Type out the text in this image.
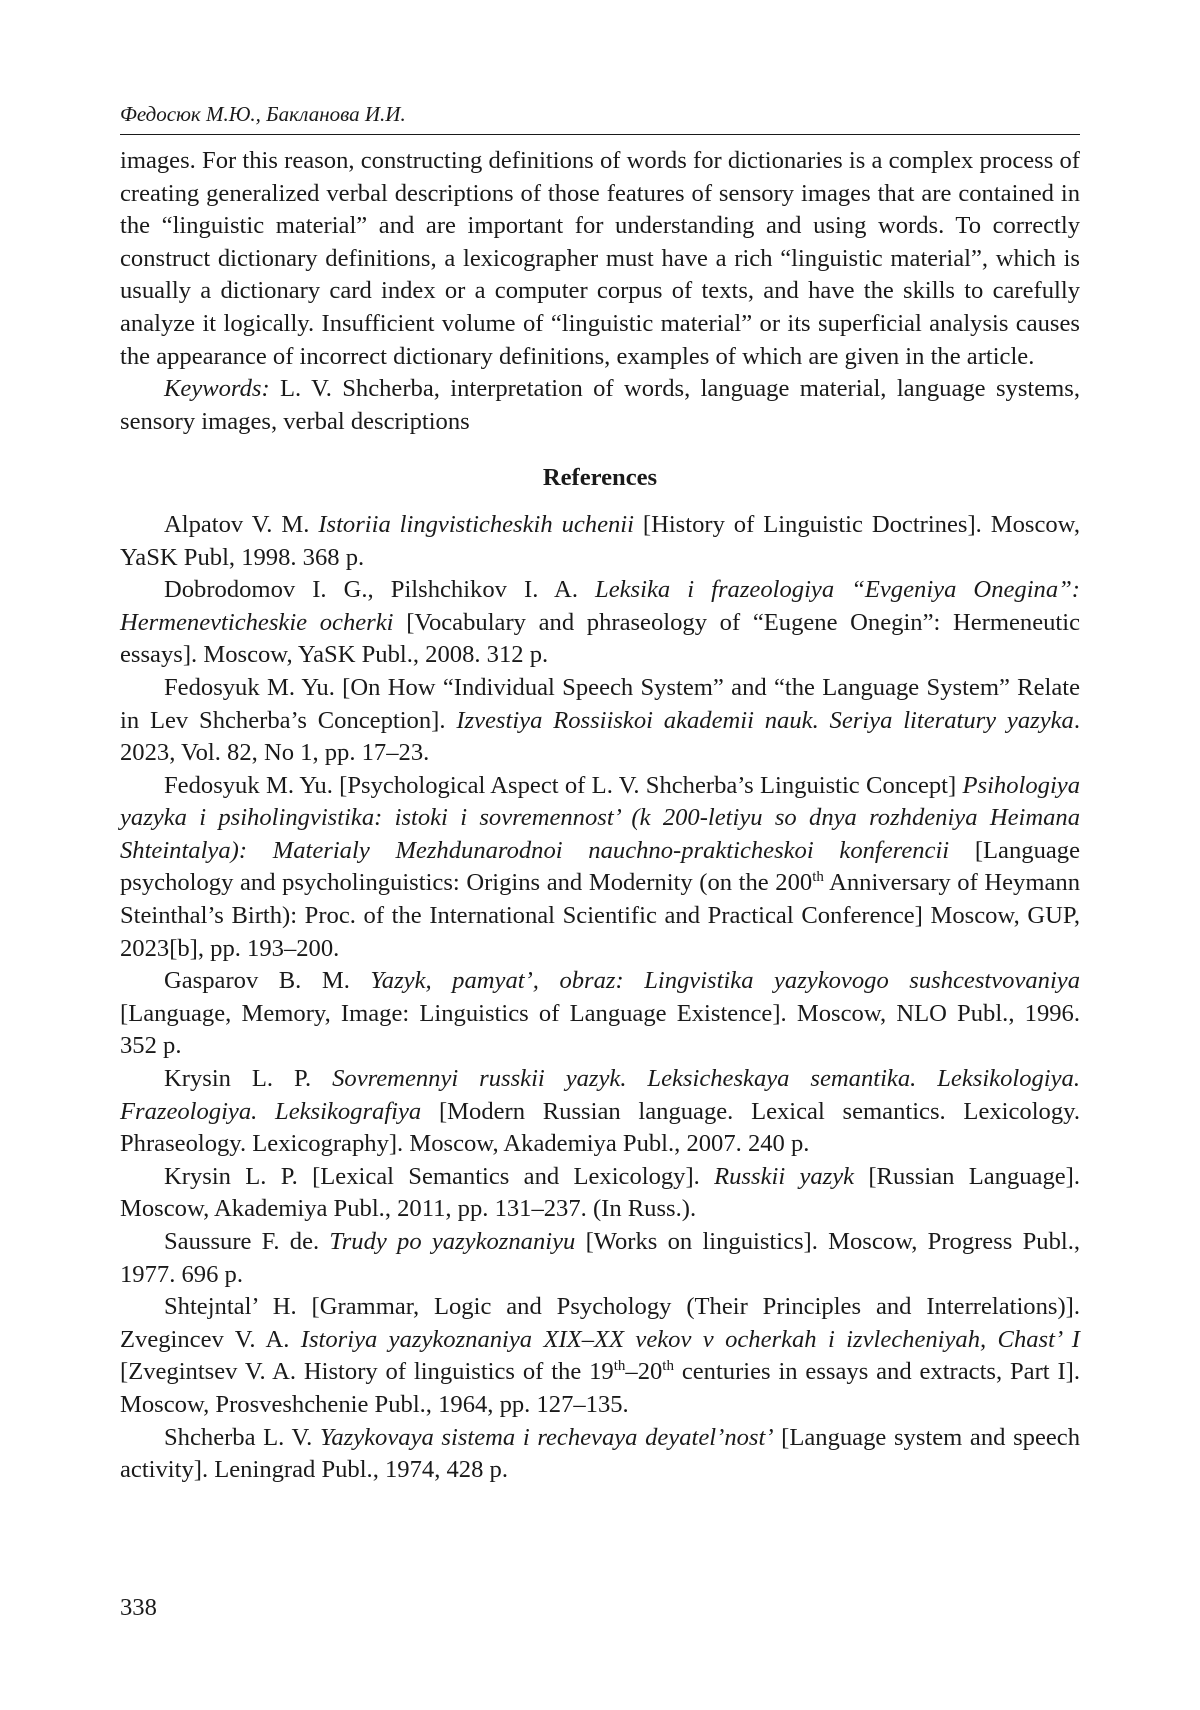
Федосюк М.Ю., Бакланова И.И.

images. For this reason, constructing definitions of words for dictionaries is a complex process of creating generalized verbal descriptions of those features of sensory images that are contained in the “linguistic material” and are important for understanding and using words. To correctly construct dictionary definitions, a lexicographer must have a rich “linguistic material”, which is usually a dictionary card index or a computer corpus of texts, and have the skills to carefully analyze it logically. Insufficient volume of “linguistic material” or its superficial analysis causes the appearance of incorrect dictionary definitions, examples of which are given in the article.

Keywords: L. V. Shcherba, interpretation of words, language material, language systems, sensory images, verbal descriptions

References

Alpatov V. M. Istoriia lingvisticheskih uchenii [History of Linguistic Doctrines]. Moscow, YaSK Publ, 1998. 368 p.

Dobrodomov I. G., Pilshchikov I. A. Leksika i frazeologiya “Evgeniya Onegina”: Hermenevticheskie ocherki [Vocabulary and phraseology of “Eugene Onegin”: Hermeneutic essays]. Moscow, YaSK Publ., 2008. 312 p.

Fedosyuk M. Yu. [On How “Individual Speech System” and “the Language System” Relate in Lev Shcherba’s Conception]. Izvestiya Rossiiskoi akademii nauk. Seriya literatury yazyka. 2023, Vol. 82, No 1, pp. 17–23.

Fedosyuk M. Yu. [Psychological Aspect of L. V. Shcherba’s Linguistic Concept] Psihologiya yazyka i psiholingvistika: istoki i sovremennost’ (k 200-letiyu so dnya rozhdeniya Heimana Shteintalya): Materialy Mezhdunarodnoi nauchno-prakticheskoi konferencii [Language psychology and psycholinguistics: Origins and Modernity (on the 200th Anniversary of Heymann Steinthal’s Birth): Proc. of the International Scientific and Practical Conference] Moscow, GUP, 2023[b], pp. 193–200.

Gasparov B. M. Yazyk, pamyat’, obraz: Lingvistika yazykovogo sushcestvovaniya [Language, Memory, Image: Linguistics of Language Existence]. Moscow, NLO Publ., 1996. 352 p.

Krysin L. P. Sovremennyi russkii yazyk. Leksicheskaya semantika. Leksikologiya. Frazeologiya. Leksikografiya [Modern Russian language. Lexical semantics. Lexicology. Phraseology. Lexicography]. Moscow, Akademiya Publ., 2007. 240 p.

Krysin L. P. [Lexical Semantics and Lexicology]. Russkii yazyk [Russian Language]. Moscow, Akademiya Publ., 2011, pp. 131–237. (In Russ.).

Saussure F. de. Trudy po yazykoznaniyu [Works on linguistics]. Moscow, Progress Publ., 1977. 696 p.

Shtejntal’ H. [Grammar, Logic and Psychology (Their Principles and Interrelations)]. Zvegincev V. A. Istoriya yazykoznaniya XIX–XX vekov v ocherkah i izvlecheniyah, Chast’ I [Zvegintsev V. A. History of linguistics of the 19th–20th centuries in essays and extracts, Part I]. Moscow, Prosveshchenie Publ., 1964, pp. 127–135.

Shcherba L. V. Yazykovaya sistema i rechevaya deyatel’nost’ [Language system and speech activity]. Leningrad Publ., 1974, 428 p.

338
